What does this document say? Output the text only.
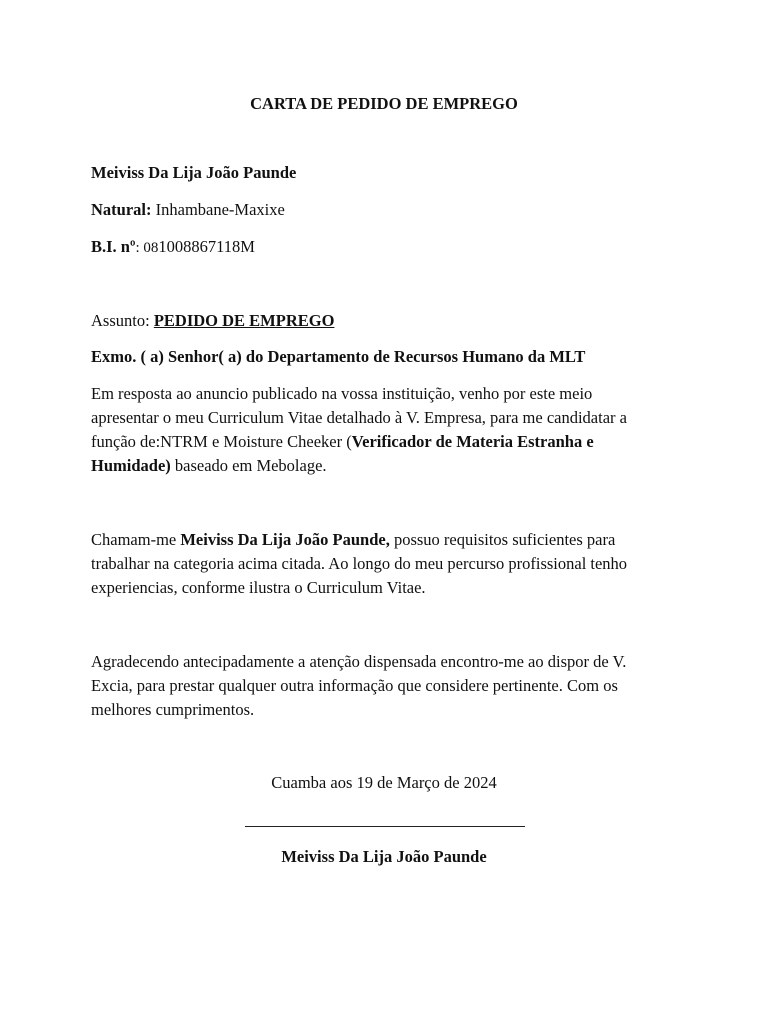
CARTA DE PEDIDO DE EMPREGO
Meiviss Da Lija João Paunde
Natural: Inhambane-Maxixe
B.I. nº: 081008867118M
Assunto: PEDIDO DE EMPREGO
Exmo. ( a) Senhor( a) do Departamento de Recursos Humano da MLT
Em resposta ao anuncio publicado na vossa instituição, venho por este meio
apresentar o meu Curriculum Vitae detalhado à V. Empresa, para me candidatar a
função de:NTRM e Moisture Cheeker (Verificador de Materia Estranha e
Humidade) baseado em Mebolage.
Chamam-me Meiviss Da Lija João Paunde, possuo requisitos suficientes para
trabalhar na categoria acima citada. Ao longo do meu percurso profissional tenho
experiencias, conforme ilustra o Curriculum Vitae.
Agradecendo antecipadamente a atenção dispensada encontro-me ao dispor de V.
Excia, para prestar qualquer outra informação que considere pertinente. Com os
melhores cumprimentos.
Cuamba aos 19 de Março de 2024
Meiviss Da Lija João Paunde
